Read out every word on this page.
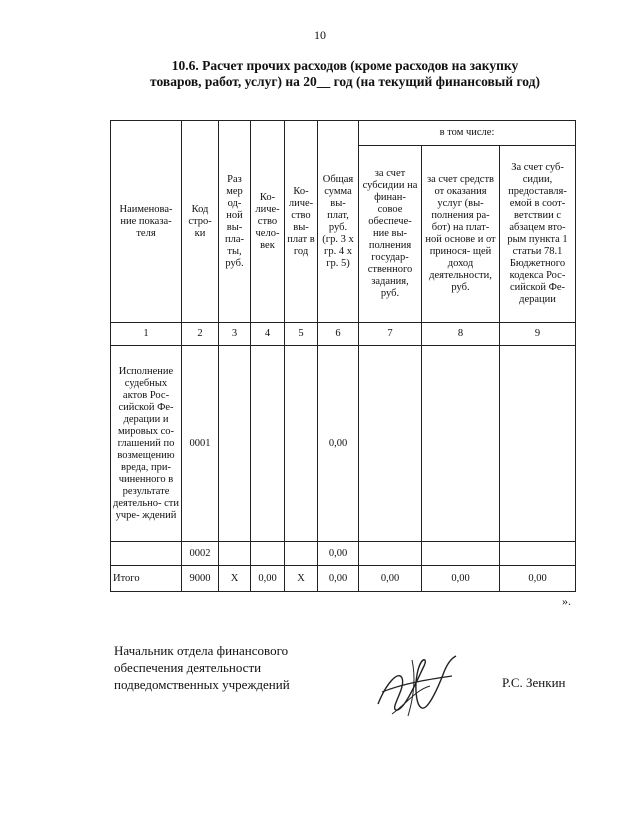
10
10.6. Расчет прочих расходов (кроме расходов на закупку товаров, работ, услуг) на 20__ год (на текущий финансовый год)
Наименова- ние показа- теля	Код стро- ки	Раз мер од- ной вы- пла- ты, руб.	Ко- личе- ство чело- век	Ко- личе- ство вы- плат в год	Общая сумма вы- плат, руб. (гр. 3 х гр. 4 х гр. 5)	в том числе:		
						за счет субсидии на финан- совое обеспече- ние вы- полнения государ- ственного задания, руб.	за счет средств от оказания услуг (вы- полнения ра- бот) на плат- ной основе и от принося- щей доход деятельности, руб.	За счет суб- сидии, предоставля- емой в соот- ветствии с абзацем вто- рым пункта 1 статьи 78.1 Бюджетного кодекса Рос- сийской Фе- дерации
1	2	3	4	5	6	7	8	9
Исполнение судебных актов Рос- сийской Фе- дерации и мировых со- глашений по возмещению вреда, при- чиненного в результате деятельно- сти учре- ждений	0001				0,00			
	0002				0,00			
Итого	9000	Х	0,00	Х	0,00	0,00	0,00	0,00
».
Начальник отдела финансового обеспечения деятельности подведомственных учреждений	Р.С. Зенкин
